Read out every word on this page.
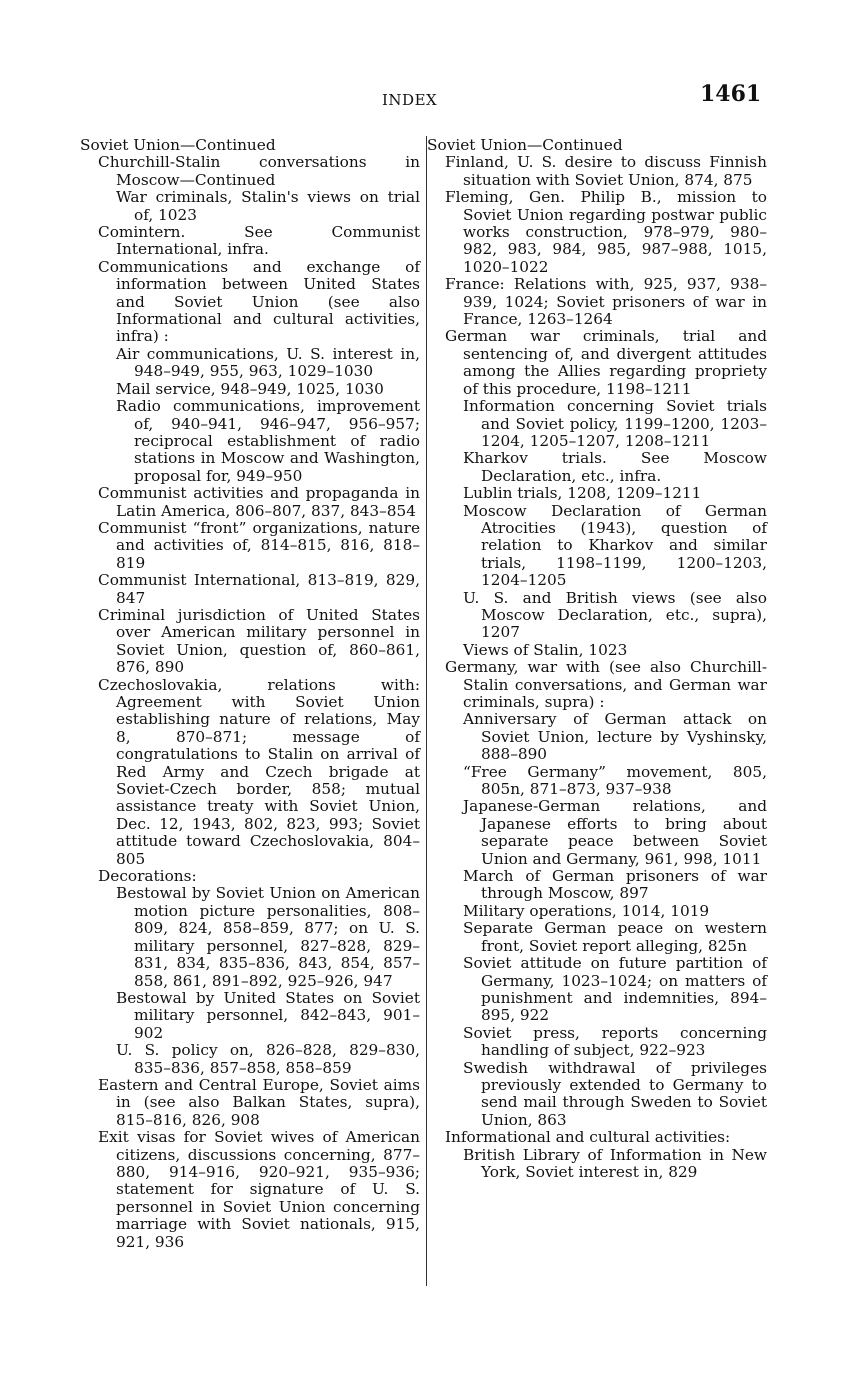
INDEX	1461
Soviet Union—Continued
Churchill-Stalin conversations in Moscow—Continued
War criminals, Stalin's views on trial of, 1023
Comintern. See Communist International, infra.
Communications and exchange of information between United States and Soviet Union (see also Informational and cultural activities, infra) :
Air communications, U. S. interest in, 948–949, 955, 963, 1029–1030
Mail service, 948–949, 1025, 1030
Radio communications, improvement of, 940–941, 946–947, 956–957; reciprocal establishment of radio stations in Moscow and Washington, proposal for, 949–950
Communist activities and propaganda in Latin America, 806–807, 837, 843–854
Communist “front” organizations, nature and activities of, 814–815, 816, 818–819
Communist International, 813–819, 829, 847
Criminal jurisdiction of United States over American military personnel in Soviet Union, question of, 860–861, 876, 890
Czechoslovakia, relations with: Agreement with Soviet Union establishing nature of relations, May 8, 870–871; message of congratulations to Stalin on arrival of Red Army and Czech brigade at Soviet-Czech border, 858; mutual assistance treaty with Soviet Union, Dec. 12, 1943, 802, 823, 993; Soviet attitude toward Czechoslovakia, 804–805
Decorations:
Bestowal by Soviet Union on American motion picture personalities, 808–809, 824, 858–859, 877; on U. S. military personnel, 827–828, 829–831, 834, 835–836, 843, 854, 857–858, 861, 891–892, 925–926, 947
Bestowal by United States on Soviet military personnel, 842–843, 901–902
U. S. policy on, 826–828, 829–830, 835–836, 857–858, 858–859
Eastern and Central Europe, Soviet aims in (see also Balkan States, supra), 815–816, 826, 908
Exit visas for Soviet wives of American citizens, discussions concerning, 877–880, 914–916, 920–921, 935–936; statement for signature of U. S. personnel in Soviet Union concerning marriage with Soviet nationals, 915, 921, 936
Soviet Union—Continued
Finland, U. S. desire to discuss Finnish situation with Soviet Union, 874, 875
Fleming, Gen. Philip B., mission to Soviet Union regarding postwar public works construction, 978–979, 980–982, 983, 984, 985, 987–988, 1015, 1020–1022
France: Relations with, 925, 937, 938–939, 1024; Soviet prisoners of war in France, 1263–1264
German war criminals, trial and sentencing of, and divergent attitudes among the Allies regarding propriety of this procedure, 1198–1211
Information concerning Soviet trials and Soviet policy, 1199–1200, 1203–1204, 1205–1207, 1208–1211
Kharkov trials. See Moscow Declaration, etc., infra.
Lublin trials, 1208, 1209–1211
Moscow Declaration of German Atrocities (1943), question of relation to Kharkov and similar trials, 1198–1199, 1200–1203, 1204–1205
U. S. and British views (see also Moscow Declaration, etc., supra), 1207
Views of Stalin, 1023
Germany, war with (see also Churchill-Stalin conversations, and German war criminals, supra) :
Anniversary of German attack on Soviet Union, lecture by Vyshinsky, 888–890
“Free Germany” movement, 805, 805n, 871–873, 937–938
Japanese-German relations, and Japanese efforts to bring about separate peace between Soviet Union and Germany, 961, 998, 1011
March of German prisoners of war through Moscow, 897
Military operations, 1014, 1019
Separate German peace on western front, Soviet report alleging, 825n
Soviet attitude on future partition of Germany, 1023–1024; on matters of punishment and indemnities, 894–895, 922
Soviet press, reports concerning handling of subject, 922–923
Swedish withdrawal of privileges previously extended to Germany to send mail through Sweden to Soviet Union, 863
Informational and cultural activities:
British Library of Information in New York, Soviet interest in, 829
